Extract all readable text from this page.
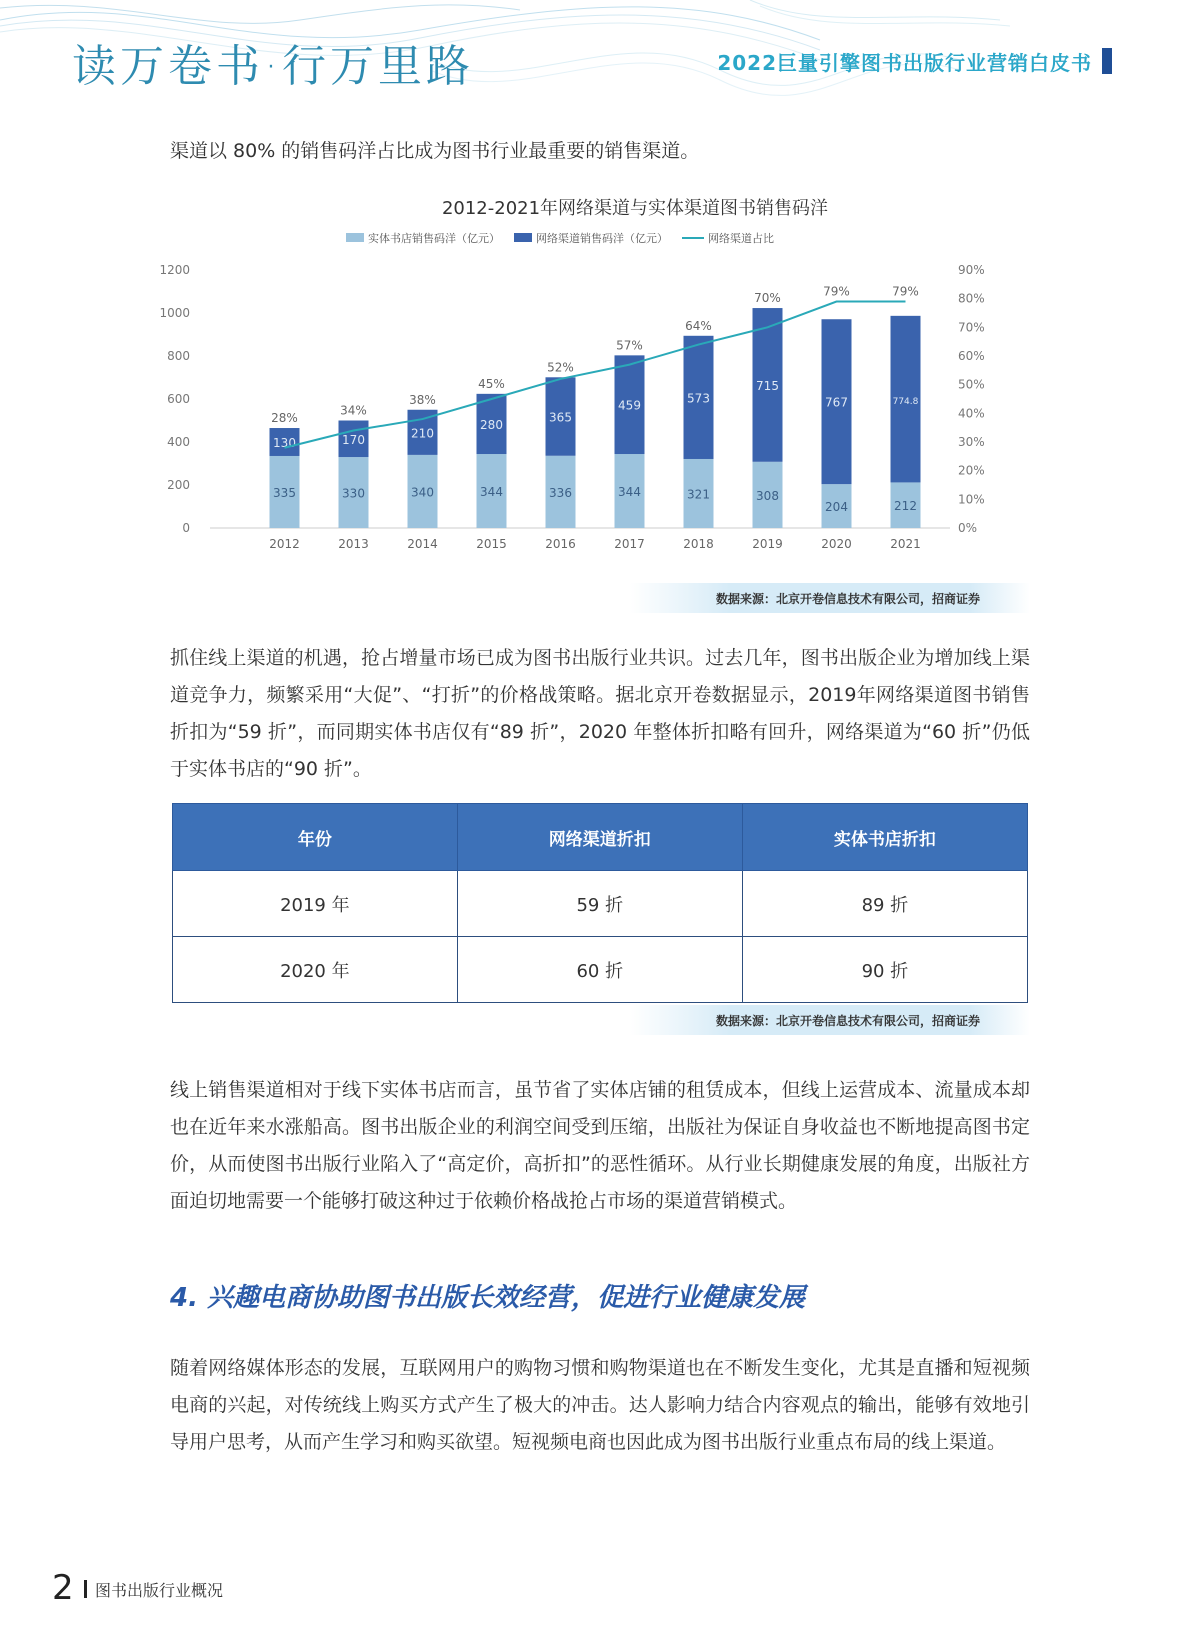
读万卷书·行万里路	2022巨量引擎图书出版行业营销白皮书
渠道以 80% 的销售码洋占比成为图书行业最重要的销售渠道。
2012-2021年网络渠道与实体渠道图书销售码洋
实体书店销售码洋（亿元）	网络渠道销售码洋（亿元）	网络渠道占比
0
200
400
600
800
1000
1200
0%
10%
20%
30%
40%
50%
60%
70%
80%
90%
335
130
2012
330
170
2013
340
210
2014
344
280
2015
336
365
2016
344
459
2017
321
573
2018
308
715
2019
204
767
2020
212
774.8
2021
28%
34%
38%
45%
52%
57%
64%
70%	79%	79%
数据来源：北京开卷信息技术有限公司，招商证券
抓住线上渠道的机遇，抢占增量市场已成为图书出版行业共识。过去几年，图书出版企业为增加线上渠道竞争力，频繁采用“大促”、“打折”的价格战策略。据北京开卷数据显示，2019年网络渠道图书销售折扣为“59 折”，而同期实体书店仅有“89 折”，2020 年整体折扣略有回升，网络渠道为“60 折”仍低于实体书店的“90 折”。
年份	网络渠道折扣	实体书店折扣
2019 年	59 折	89 折
2020 年	60 折	90 折
数据来源：北京开卷信息技术有限公司，招商证券
线上销售渠道相对于线下实体书店而言，虽节省了实体店铺的租赁成本，但线上运营成本、流量成本却也在近年来水涨船高。图书出版企业的利润空间受到压缩，出版社为保证自身收益也不断地提高图书定价，从而使图书出版行业陷入了“高定价，高折扣”的恶性循环。从行业长期健康发展的角度，出版社方面迫切地需要一个能够打破这种过于依赖价格战抢占市场的渠道营销模式。
4. 兴趣电商协助图书出版长效经营，促进行业健康发展
随着网络媒体形态的发展，互联网用户的购物习惯和购物渠道也在不断发生变化，尤其是直播和短视频电商的兴起，对传统线上购买方式产生了极大的冲击。达人影响力结合内容观点的输出，能够有效地引导用户思考，从而产生学习和购买欲望。短视频电商也因此成为图书出版行业重点布局的线上渠道。
2 图书出版行业概况
